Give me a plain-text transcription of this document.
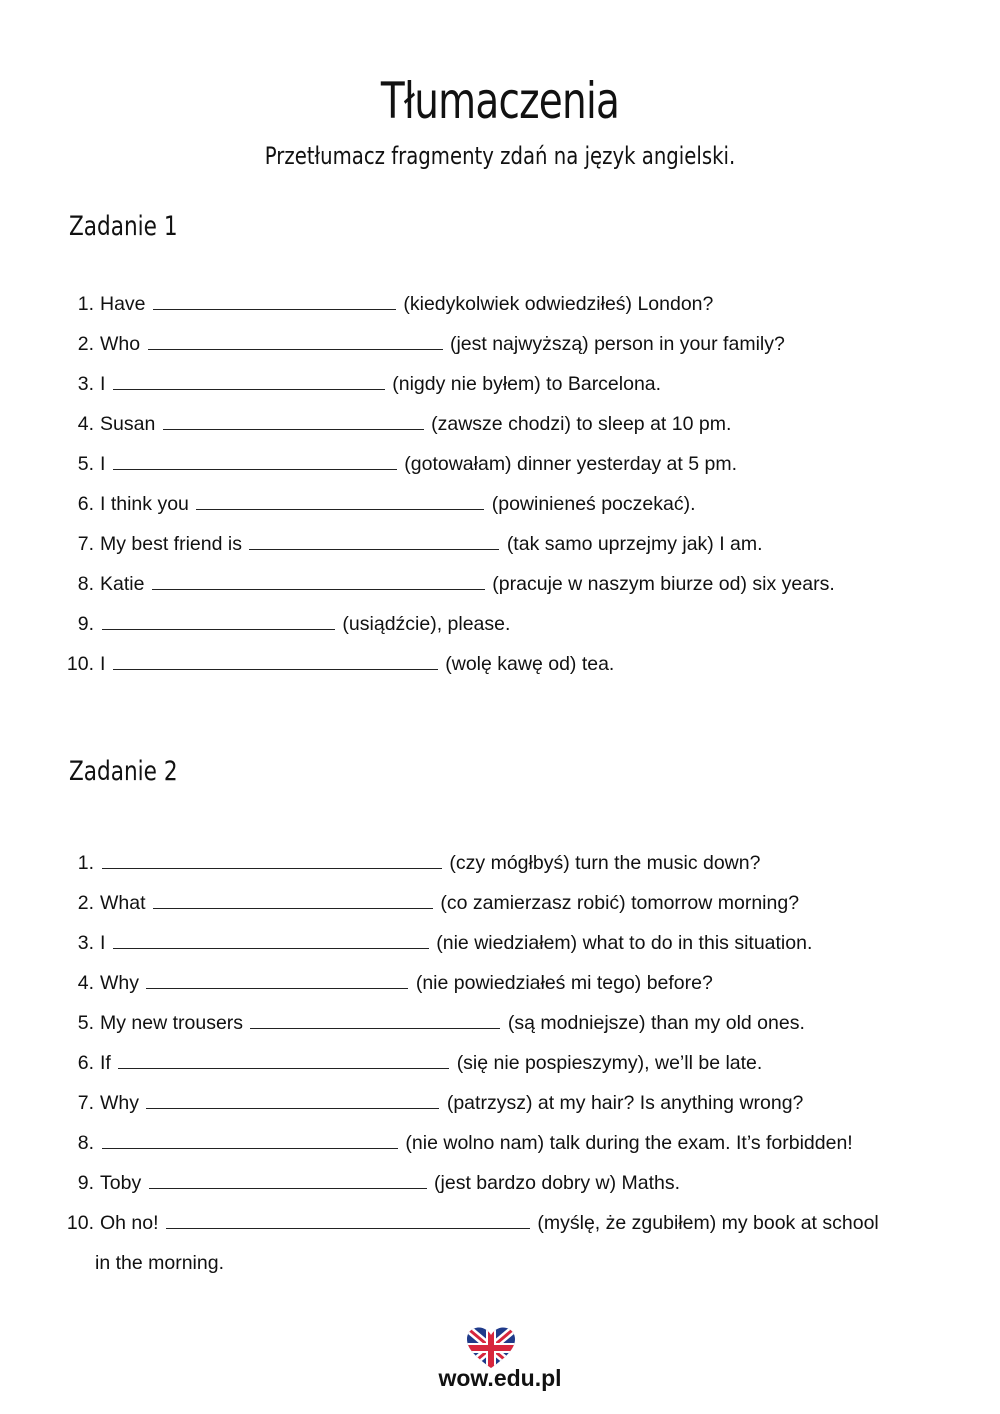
Tłumaczenia
Przetłumacz fragmenty zdań na język angielski.
Zadanie 1
1. Have	(kiedykolwiek odwiedziłeś) London?
2. Who	(jest najwyższą) person in your family?
3. I	(nigdy nie byłem) to Barcelona.
4. Susan	(zawsze chodzi) to sleep at 10 pm.
5. I	(gotowałam) dinner yesterday at 5 pm.
6. I think you	(powinieneś poczekać).
7. My best friend is	(tak samo uprzejmy jak) I am.
8. Katie	(pracuje w naszym biurze od) six years.
9.	(usiądźcie), please.
10. I	(wolę kawę od) tea.
Zadanie 2
1.	(czy mógłbyś) turn the music down?
2. What	(co zamierzasz robić) tomorrow morning?
3. I	(nie wiedziałem) what to do in this situation.
4. Why	(nie powiedziałeś mi tego) before?
5. My new trousers	(są modniejsze) than my old ones.
6. If	(się nie pospieszymy), we’ll be late.
7. Why	(patrzysz) at my hair? Is anything wrong?
8.	(nie wolno nam) talk during the exam. It’s forbidden!
9. Toby	(jest bardzo dobry w) Maths.
10. Oh no!	(myślę, że zgubiłem) my book at school
in the morning.
wow.edu.pl
